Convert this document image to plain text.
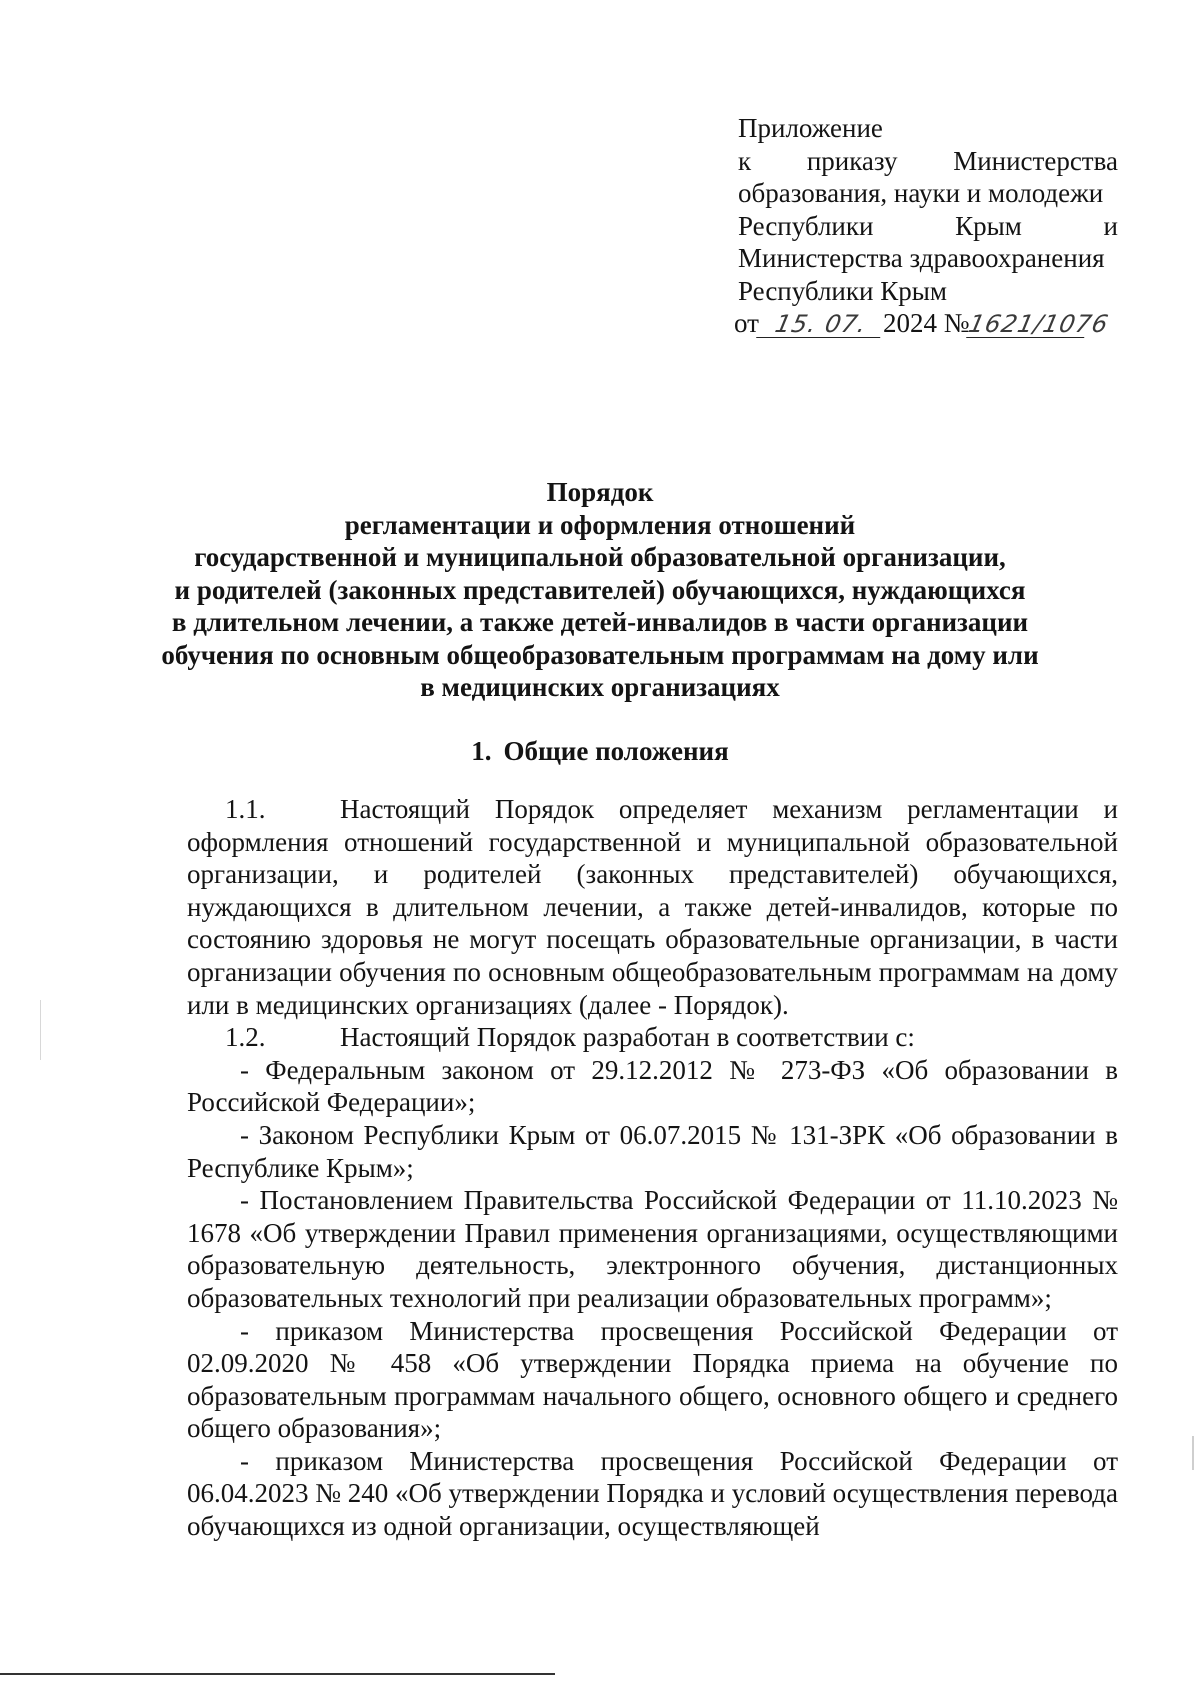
Приложение
к приказу Министерства
образования, науки и молодежи
Республики	Крым	и
Министерства здравоохранения
Республики Крым
от 15. 07. 2024 №1621/1076
Порядок
регламентации и оформления отношений
государственной и муниципальной образовательной организации,
и родителей (законных представителей) обучающихся, нуждающихся
в длительном лечении, а также детей-инвалидов в части организации
обучения по основным общеобразовательным программам на дому или
в медицинских организациях
1. Общие положения

1.1.	Настоящий Порядок определяет механизм регламентации и оформления отношений государственной и муниципальной образовательной организации, и родителей (законных представителей) обучающихся, нуждающихся в длительном лечении, а также детей-инвалидов, которые по состоянию здоровья не могут посещать образовательные организации, в части организации обучения по основным общеобразовательным программам на дому или в медицинских организациях (далее - Порядок).

1.2.	Настоящий Порядок разработан в соответствии с:

- Федеральным законом от 29.12.2012 № 273-ФЗ «Об образовании в Российской Федерации»;

- Законом Республики Крым от 06.07.2015 № 131-ЗРК «Об образовании в Республике Крым»;

- Постановлением Правительства Российской Федерации от 11.10.2023 № 1678 «Об утверждении Правил применения организациями, осуществляющими образовательную деятельность, электронного обучения, дистанционных образовательных технологий при реализации образовательных программ»;

- приказом Министерства просвещения Российской Федерации от 02.09.2020 № 458 «Об утверждении Порядка приема на обучение по образовательным программам начального общего, основного общего и среднего общего образования»;

- приказом Министерства просвещения Российской Федерации от 06.04.2023 № 240 «Об утверждении Порядка и условий осуществления перевода обучающихся из одной организации, осуществляющей
